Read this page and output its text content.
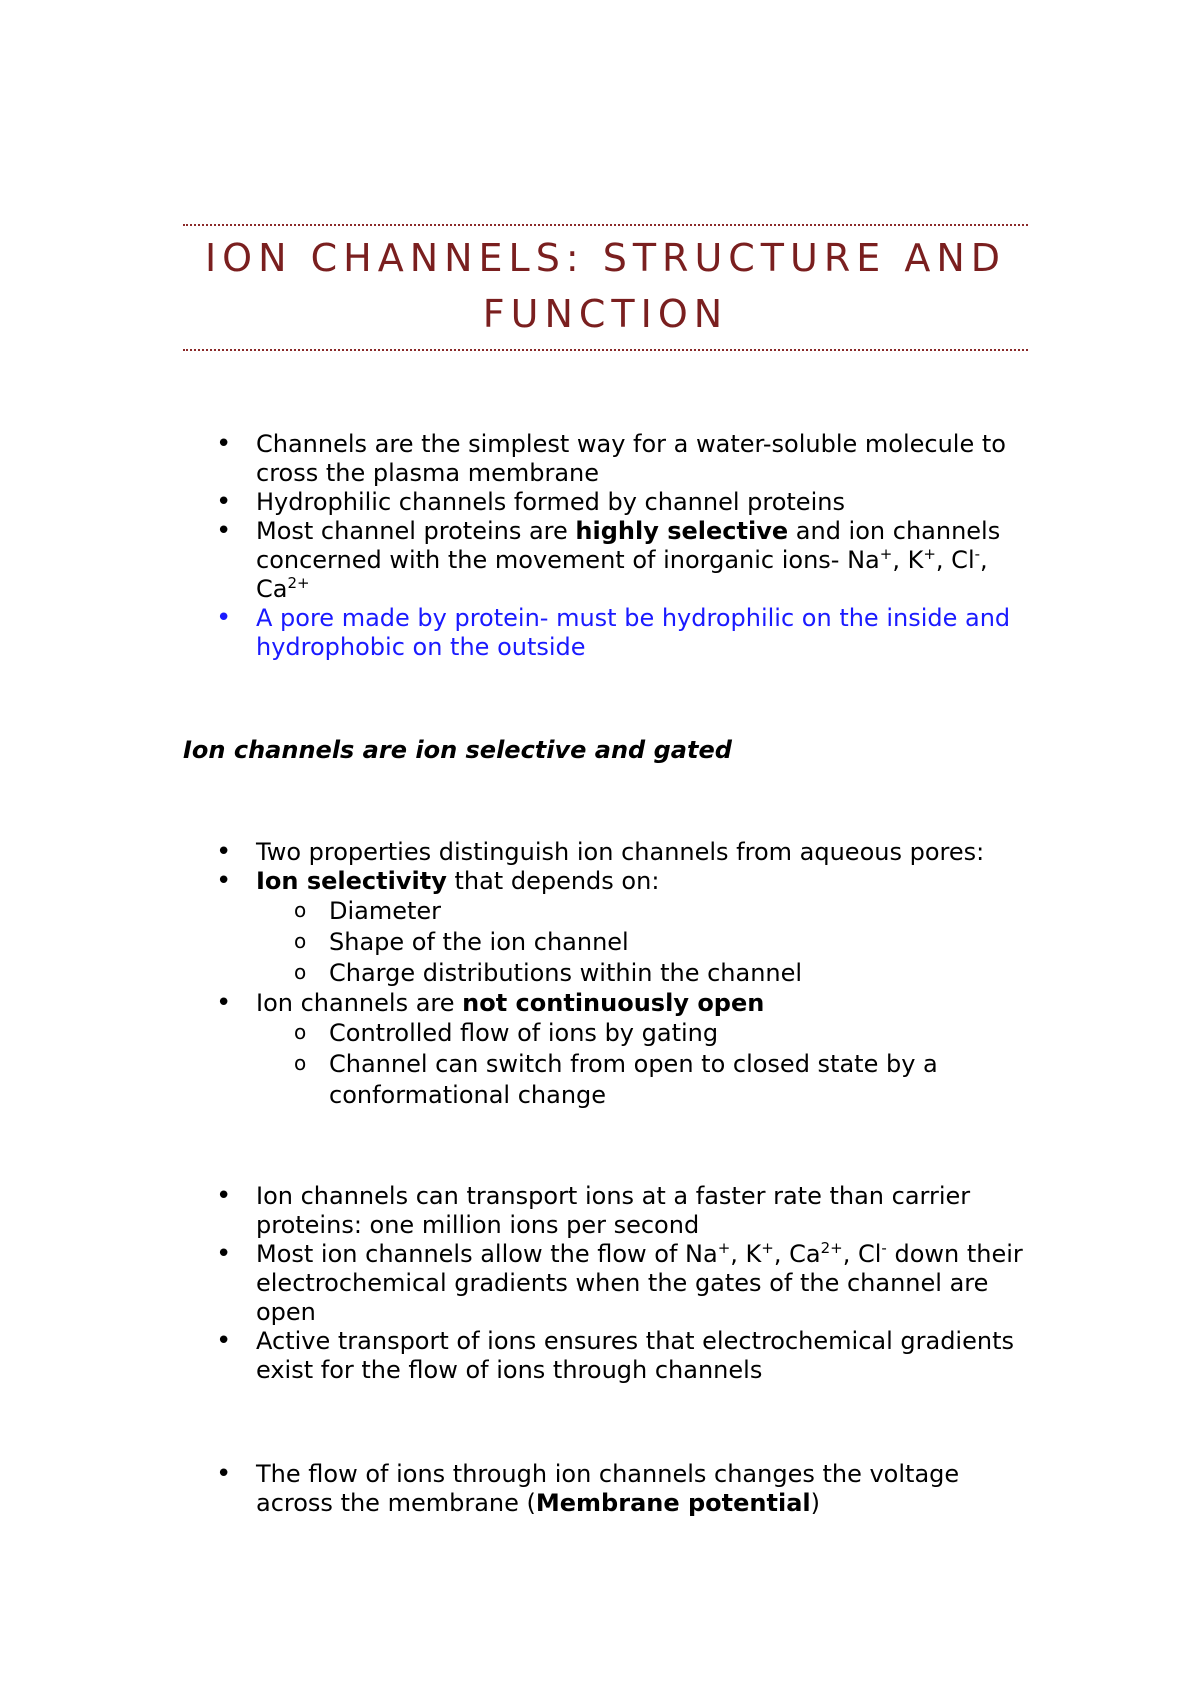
ION CHANNELS: STRUCTURE AND FUNCTION
• Channels are the simplest way for a water-soluble molecule to cross the plasma membrane
• Hydrophilic channels formed by channel proteins
• Most channel proteins are highly selective and ion channels concerned with the movement of inorganic ions- Na+, K+, Cl-, $Ca^{2+}$
• A pore made by protein- must be hydrophilic on the inside and hydrophobic on the outside
Ion channels are ion selective and gated
• Two properties distinguish ion channels from aqueous pores:
• Ion selectivity that depends on:
o Diameter
o Shape of the ion channel
o Charge distributions within the channel
• Ion channels are not continuously open
o Controlled flow of ions by gating
o Channel can switch from open to closed state by a conformational change
• Ion channels can transport ions at a faster rate than carrier proteins: one million ions per second
• Most ion channels allow the flow of Na+, K+, $Ca^{2+}$, Cl- down their electrochemical gradients when the gates of the channel are open
• Active transport of ions ensures that electrochemical gradients exist for the flow of ions through channels
• The flow of ions through ion channels changes the voltage across the membrane (Membrane potential)
